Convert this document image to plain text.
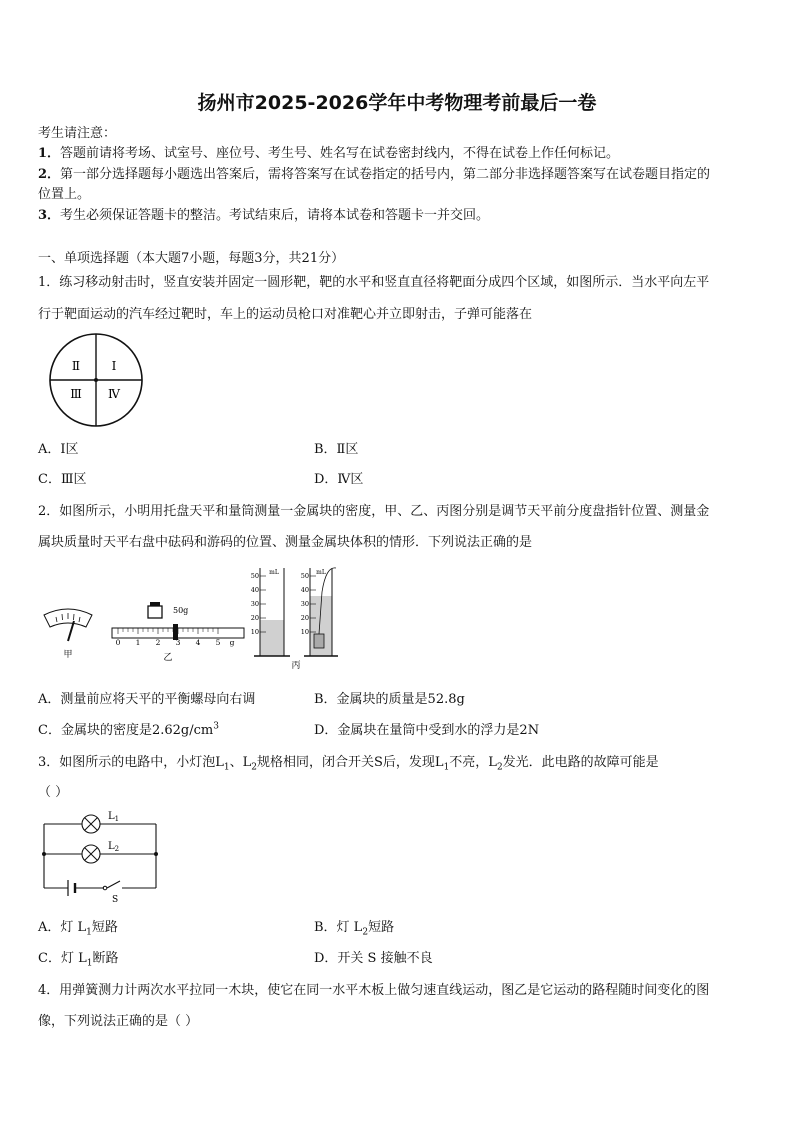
扬州市2025-2026学年中考物理考前最后一卷
考生请注意：
1．答题前请将考场、试室号、座位号、考生号、姓名写在试卷密封线内，不得在试卷上作任何标记。
2．第一部分选择题每小题选出答案后，需将答案写在试卷指定的括号内，第二部分非选择题答案写在试卷题目指定的
位置上。
3．考生必须保证答题卡的整洁。考试结束后，请将本试卷和答题卡一并交回。
一、单项选择题（本大题7小题，每题3分，共21分）
1．练习移动射击时，竖直安装并固定一圆形靶，靶的水平和竖直直径将靶面分成四个区域，如图所示．当水平向左平
行于靶面运动的汽车经过靶时，车上的运动员枪口对准靶心并立即射击，子弹可能落在
Ⅱ	Ⅰ
Ⅲ Ⅳ
A．Ⅰ区	B．Ⅱ区
C．Ⅲ区	D．Ⅳ区
2．如图所示，小明用托盘天平和量筒测量一金属块的密度，甲、乙、丙图分别是调节天平前分度盘指针位置、测量金
属块质量时天平右盘中砝码和游码的位置、测量金属块体积的情形．下列说法正确的是
甲
50g
0 1 2 3 4 5 g
乙
50
40
30
20
10
mL	50
40
30
20
10
mL
丙
A．测量前应将天平的平衡螺母向右调	B．金属块的质量是52.8g
C．金属块的密度是$2.62g/cm^3$	D．金属块在量筒中受到水的浮力是2N
3．如图所示的电路中，小灯泡$L_1$、$L_2$规格相同，闭合开关S后，发现$L_1$不亮，$L_2$发光．此电路的故障可能是
（ ）
$L_1$
$L_2$
S
A．灯 $L_1$短路	B．灯 $L_2$短路
C．灯 $L_1$断路	D．开关 S 接触不良
4．用弹簧测力计两次水平拉同一木块，使它在同一水平木板上做匀速直线运动，图乙是它运动的路程随时间变化的图
像，下列说法正确的是（ ）
